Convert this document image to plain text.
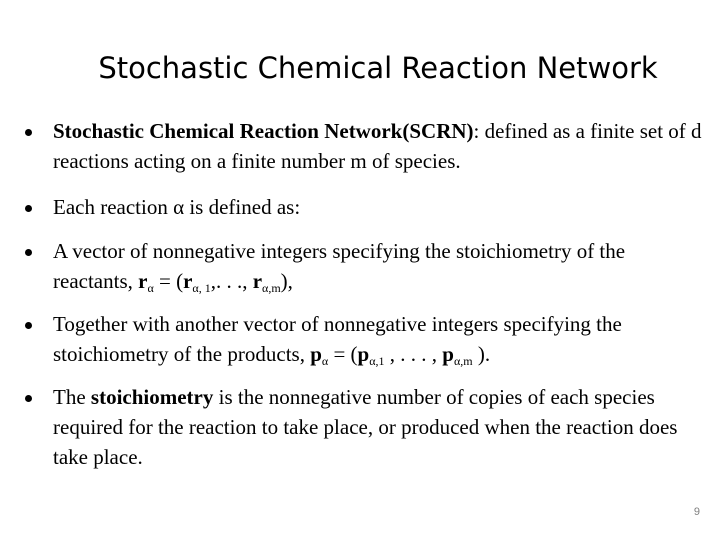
Stochastic Chemical Reaction Network
Stochastic Chemical Reaction Network(SCRN): defined as a finite set of d reactions acting on a finite number m of species.
Each reaction α is defined as:
A vector of nonnegative integers specifying the stoichiometry of the reactants, rα = (rα, 1,. . ., rα,m),
Together with another vector of nonnegative integers specifying the stoichiometry of the products, pα = (pα,1 , . . . , pα,m ).
The stoichiometry is the nonnegative number of copies of each species required for the reaction to take place, or produced when the reaction does take place.
9
